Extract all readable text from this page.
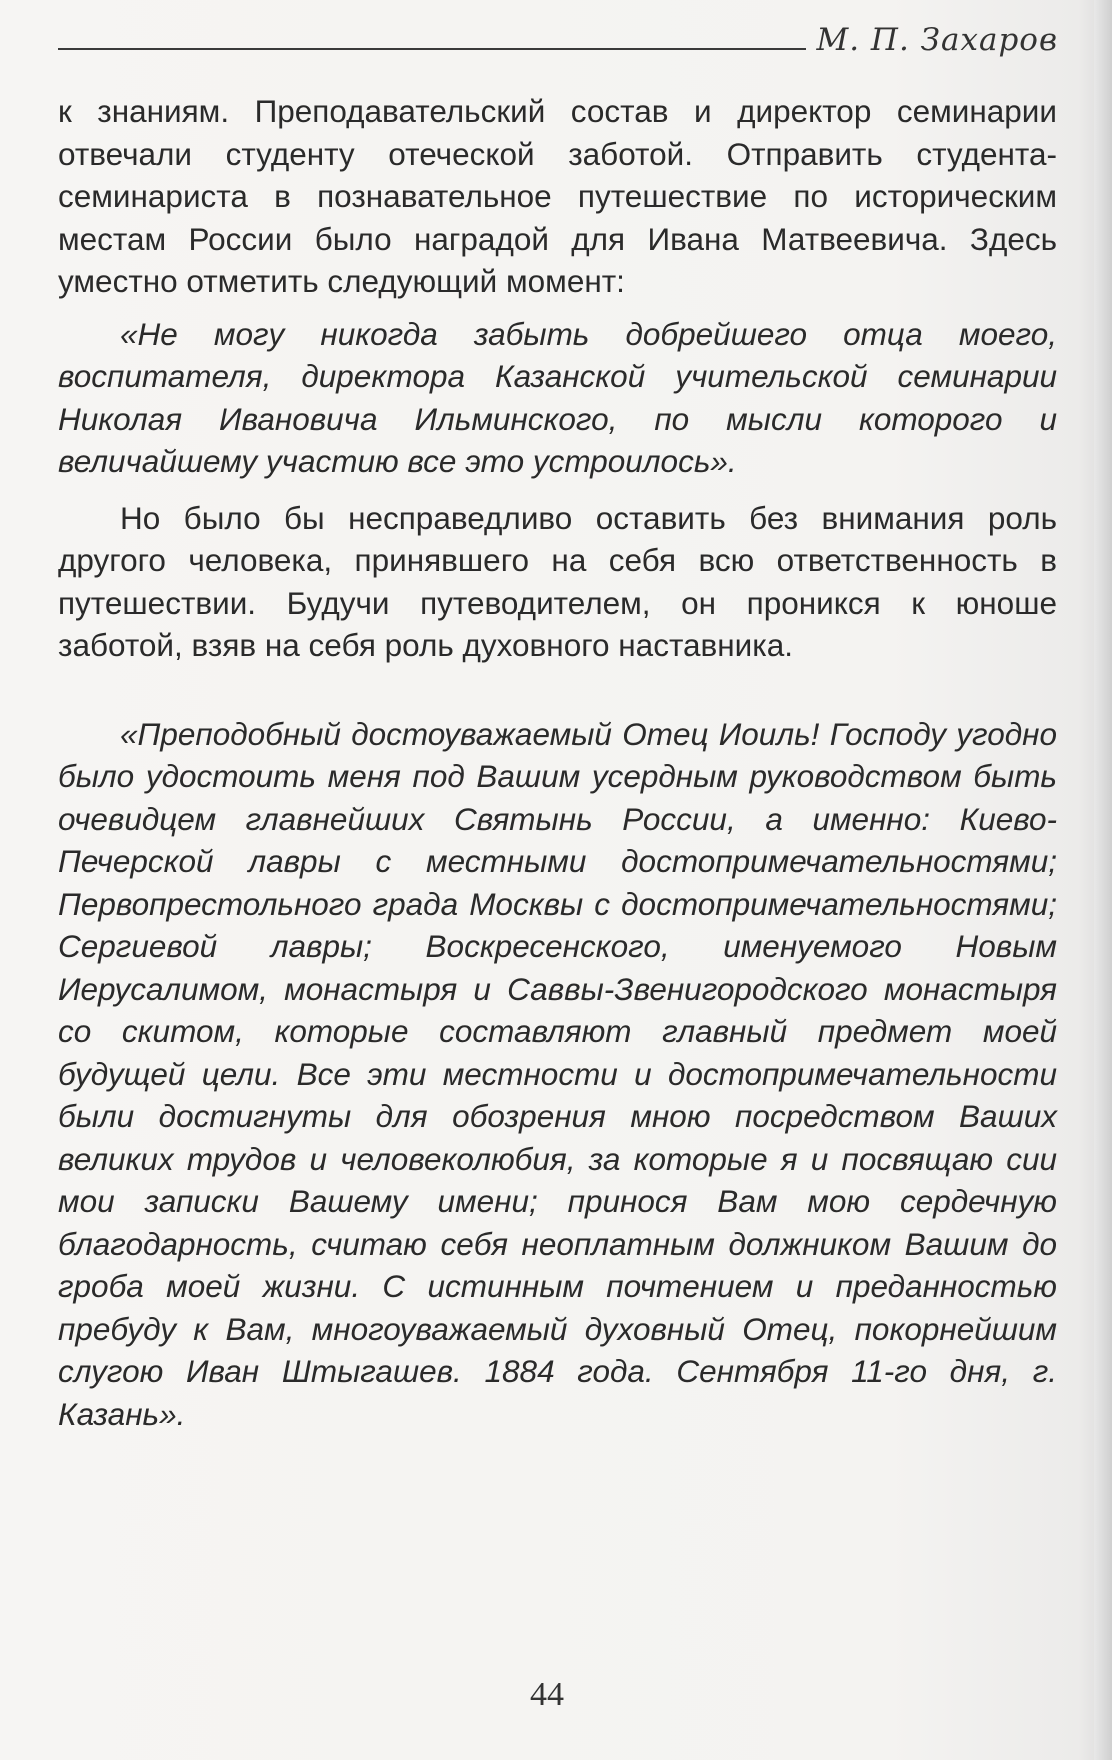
М. П. Захаров

к знаниям. Преподавательский состав и директор семинарии отвечали студенту отеческой заботой. Отправить студента-семинариста в познавательное путешествие по историческим местам России было наградой для Ивана Матвеевича. Здесь уместно отметить следующий момент:

«Не могу никогда забыть добрейшего отца моего, воспитателя, директора Казанской учительской семинарии Николая Ивановича Ильминского, по мысли которого и величайшему участию все это устроилось».

Но было бы несправедливо оставить без внимания роль другого человека, принявшего на себя всю ответственность в путешествии. Будучи путеводителем, он проникся к юноше заботой, взяв на себя роль духовного наставника.

«Преподобный достоуважаемый Отец Иоиль! Господу угодно было удостоить меня под Вашим усердным руководством быть очевидцем главнейших Святынь России, а именно: Киево-Печерской лавры с местными достопримечательностями; Первопрестольного града Москвы с достопримечательностями; Сергиевой лавры; Воскресенского, именуемого Новым Иерусалимом, монастыря и Саввы-Звенигородского монастыря со скитом, которые составляют главный предмет моей будущей цели. Все эти местности и достопримечательности были достигнуты для обозрения мною посредством Ваших великих трудов и человеколюбия, за которые я и посвящаю сии мои записки Вашему имени; принося Вам мою сердечную благодарность, считаю себя неоплатным должником Вашим до гроба моей жизни. С истинным почтением и преданностью пребуду к Вам, многоуважаемый духовный Отец, покорнейшим слугою Иван Штыгашев. 1884 года. Сентября 11-го дня, г. Казань».

44
